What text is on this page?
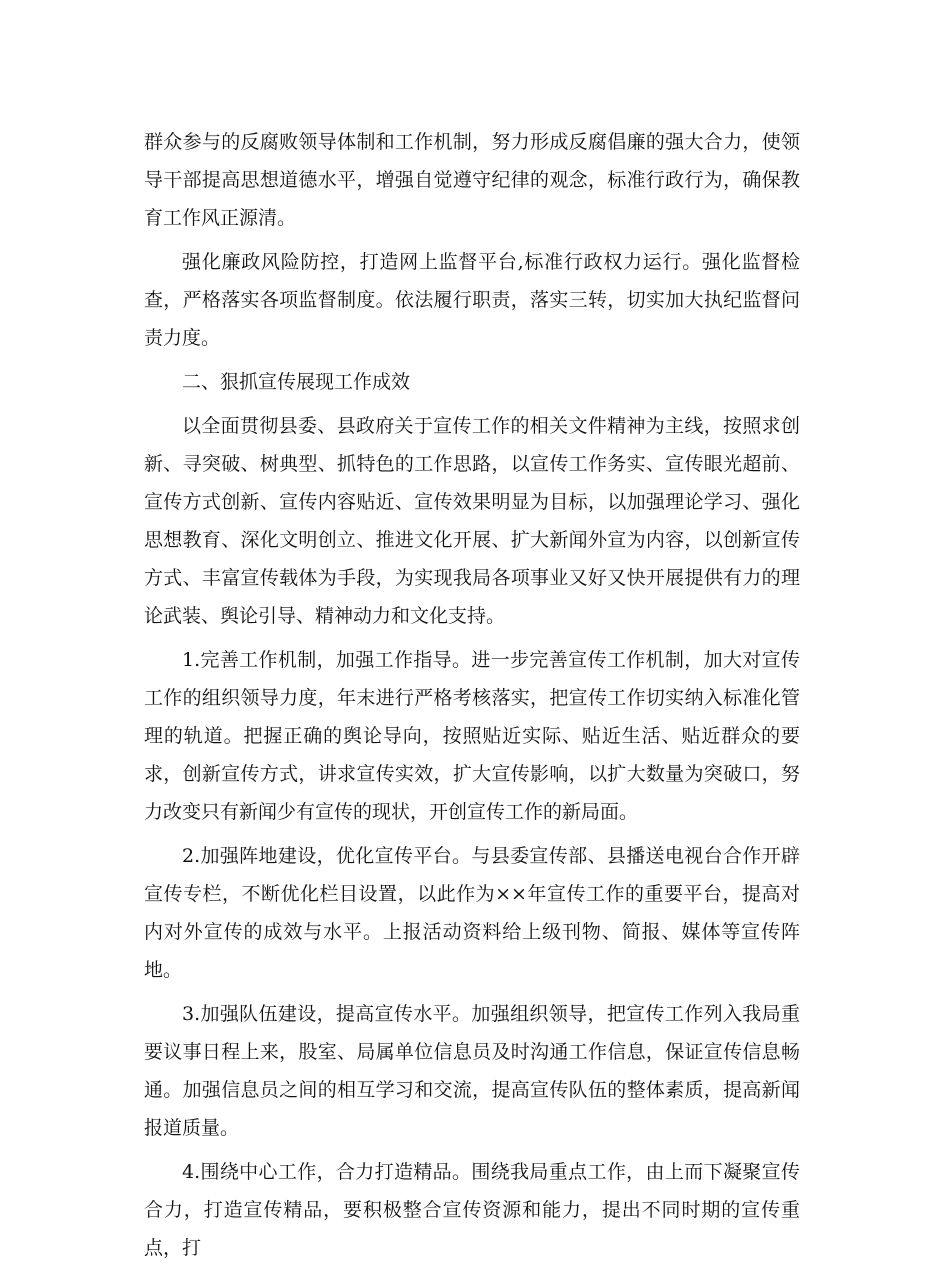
群众参与的反腐败领导体制和工作机制，努力形成反腐倡廉的强大合力，使领导干部提高思想道德水平，增强自觉遵守纪律的观念，标准行政行为，确保教育工作风正源清。

强化廉政风险防控，打造网上监督平台,标准行政权力运行。强化监督检查，严格落实各项监督制度。依法履行职责，落实三转，切实加大执纪监督问责力度。

二、狠抓宣传展现工作成效

以全面贯彻县委、县政府关于宣传工作的相关文件精神为主线，按照求创新、寻突破、树典型、抓特色的工作思路，以宣传工作务实、宣传眼光超前、宣传方式创新、宣传内容贴近、宣传效果明显为目标，以加强理论学习、强化思想教育、深化文明创立、推进文化开展、扩大新闻外宣为内容，以创新宣传方式、丰富宣传载体为手段，为实现我局各项事业又好又快开展提供有力的理论武装、舆论引导、精神动力和文化支持。

1.完善工作机制，加强工作指导。进一步完善宣传工作机制，加大对宣传工作的组织领导力度，年末进行严格考核落实，把宣传工作切实纳入标准化管理的轨道。把握正确的舆论导向，按照贴近实际、贴近生活、贴近群众的要求，创新宣传方式，讲求宣传实效，扩大宣传影响，以扩大数量为突破口，努力改变只有新闻少有宣传的现状，开创宣传工作的新局面。

2.加强阵地建设，优化宣传平台。与县委宣传部、县播送电视台合作开辟宣传专栏，不断优化栏目设置，以此作为××年宣传工作的重要平台，提高对内对外宣传的成效与水平。上报活动资料给上级刊物、简报、媒体等宣传阵地。

3.加强队伍建设，提高宣传水平。加强组织领导，把宣传工作列入我局重要议事日程上来，股室、局属单位信息员及时沟通工作信息，保证宣传信息畅通。加强信息员之间的相互学习和交流，提高宣传队伍的整体素质，提高新闻报道质量。

4.围绕中心工作，合力打造精品。围绕我局重点工作，由上而下凝聚宣传合力，打造宣传精品，要积极整合宣传资源和能力，提出不同时期的宣传重点，打
